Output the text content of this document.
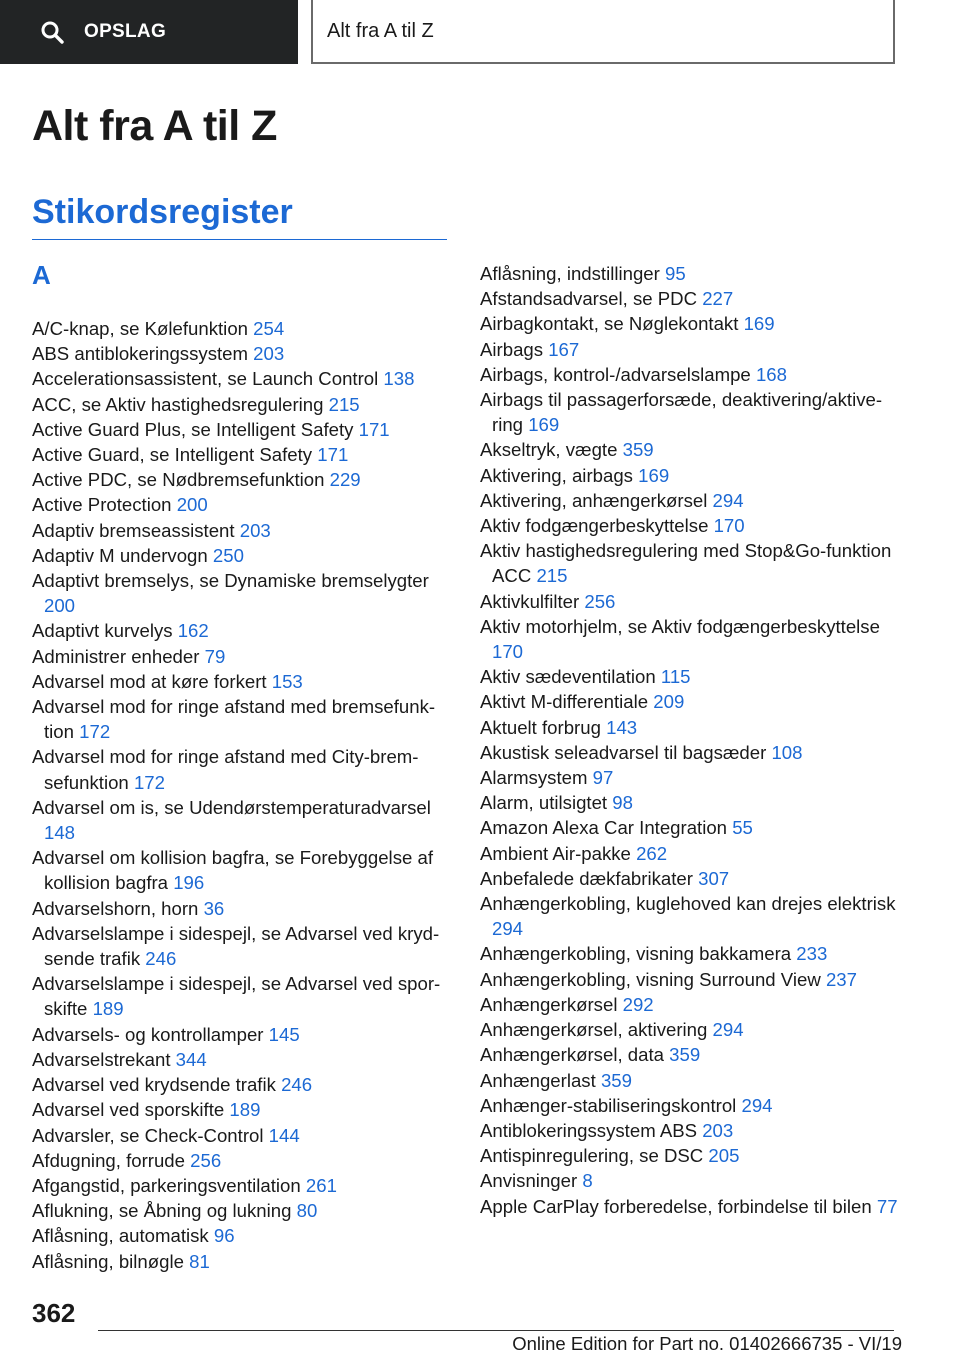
OPSLAG	Alt fra A til Z
Alt fra A til Z
Stikordsregister
A
A/C-knap, se Kølefunktion 254
ABS antiblokeringssystem 203
Accelerationsassistent, se Launch Control 138
ACC, se Aktiv hastighedsregulering 215
Active Guard Plus, se Intelligent Safety 171
Active Guard, se Intelligent Safety 171
Active PDC, se Nødbremsefunktion 229
Active Protection 200
Adaptiv bremseassistent 203
Adaptiv M undervogn 250
Adaptivt bremselys, se Dynamiske bremselygter 200
Adaptivt kurvelys 162
Administrer enheder 79
Advarsel mod at køre forkert 153
Advarsel mod for ringe afstand med bremsefunktion 172
Advarsel mod for ringe afstand med City-bremsefunktion 172
Advarsel om is, se Udendørstemperaturadvarsel 148
Advarsel om kollision bagfra, se Forebyggelse af kollision bagfra 196
Advarselshorn, horn 36
Advarselslampe i sidespejl, se Advarsel ved krydsende trafik 246
Advarselslampe i sidespejl, se Advarsel ved sporskifte 189
Advarsels- og kontrollamper 145
Advarselstrekant 344
Advarsel ved krydsende trafik 246
Advarsel ved sporskifte 189
Advarsler, se Check-Control 144
Afdugning, forrude 256
Afgangstid, parkeringsventilation 261
Aflukning, se Åbning og lukning 80
Aflåsning, automatisk 96
Aflåsning, bilnøgle 81
Aflåsning, indstillinger 95
Afstandsadvarsel, se PDC 227
Airbagkontakt, se Nøglekontakt 169
Airbags 167
Airbags, kontrol-/advarselslampe 168
Airbags til passagerforsæde, deaktivering/aktivering 169
Akseltryk, vægte 359
Aktivering, airbags 169
Aktivering, anhængerkørsel 294
Aktiv fodgængerbeskyttelse 170
Aktiv hastighedsregulering med Stop&Go-funktion ACC 215
Aktivkulfilter 256
Aktiv motorhjelm, se Aktiv fodgængerbeskyttelse 170
Aktiv sædeventilation 115
Aktivt M-differentiale 209
Aktuelt forbrug 143
Akustisk seleadvarsel til bagsæder 108
Alarmsystem 97
Alarm, utilsigtet 98
Amazon Alexa Car Integration 55
Ambient Air-pakke 262
Anbefalede dækfabrikater 307
Anhængerkobling, kuglehoved kan drejes elektrisk 294
Anhængerkobling, visning bakkamera 233
Anhængerkobling, visning Surround View 237
Anhængerkørsel 292
Anhængerkørsel, aktivering 294
Anhængerkørsel, data 359
Anhængerlast 359
Anhænger-stabiliseringskontrol 294
Antiblokeringssystem ABS 203
Antispinregulering, se DSC 205
Anvisninger 8
Apple CarPlay forberedelse, forbindelse til bilen 77
362
Online Edition for Part no. 01402666735 - VI/19
